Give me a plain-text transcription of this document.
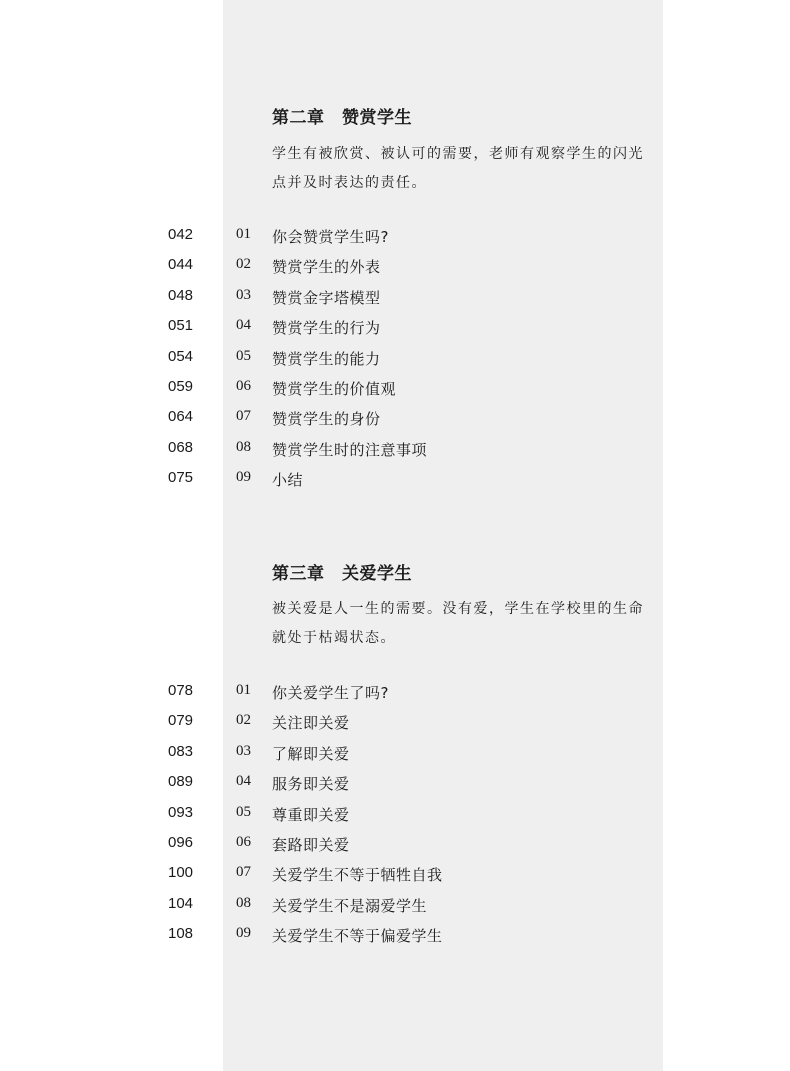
第二章　赞赏学生
学生有被欣赏、被认可的需要，老师有观察学生的闪光点并及时表达的责任。
042	01 你会赞赏学生吗?
044	02 赞赏学生的外表
048	03 赞赏金字塔模型
051	04 赞赏学生的行为
054	05 赞赏学生的能力
059	06 赞赏学生的价值观
064	07 赞赏学生的身份
068	08 赞赏学生时的注意事项
075	09 小结
第三章　关爱学生
被关爱是人一生的需要。没有爱，学生在学校里的生命就处于枯竭状态。
078	01 你关爱学生了吗?
079	02 关注即关爱
083	03 了解即关爱
089	04 服务即关爱
093	05 尊重即关爱
096	06 套路即关爱
100	07 关爱学生不等于牺牲自我
104	08 关爱学生不是溺爱学生
108	09 关爱学生不等于偏爱学生
